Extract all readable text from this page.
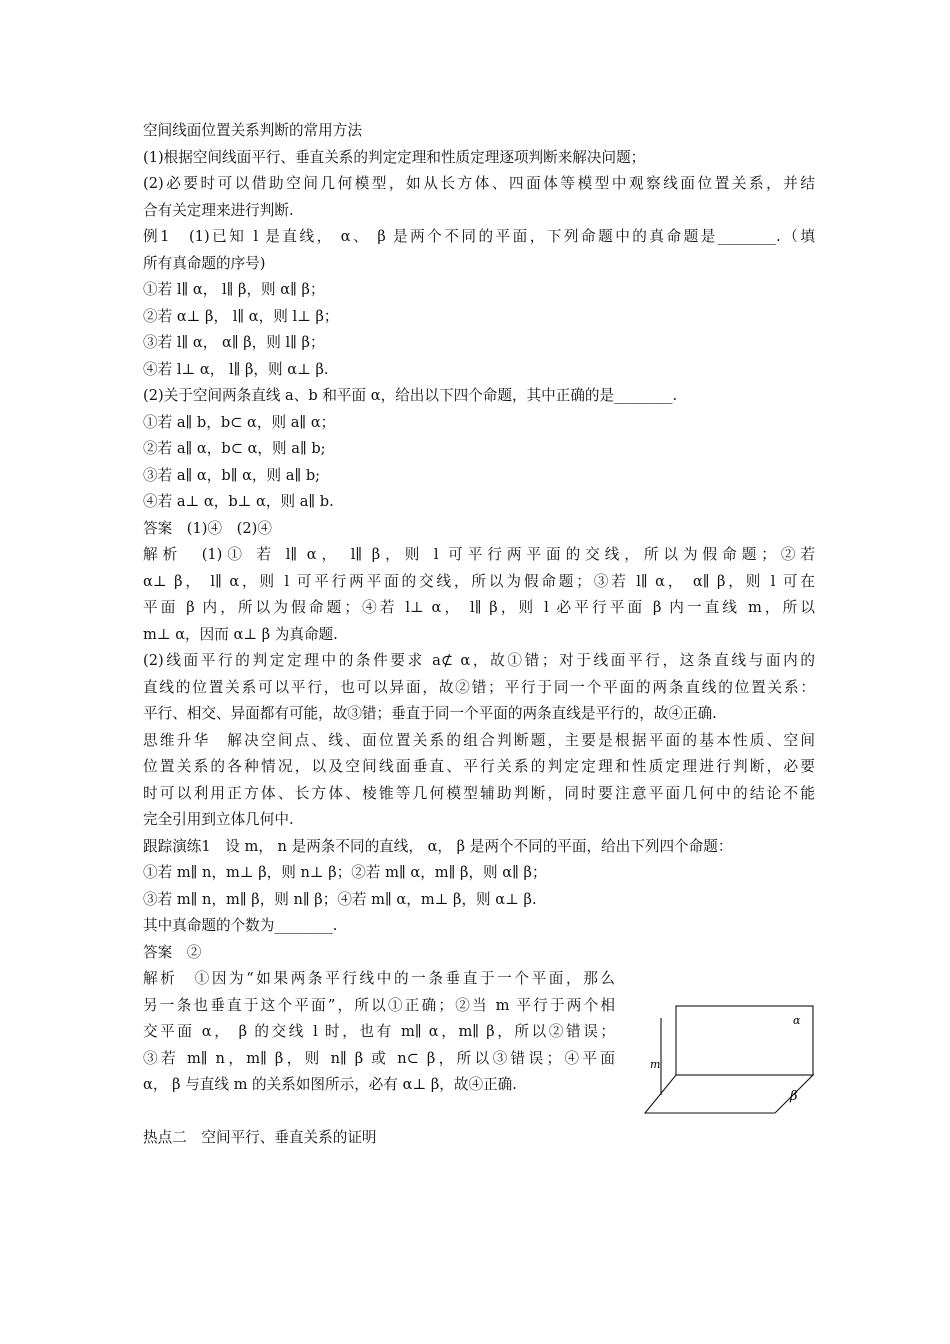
空间线面位置关系判断的常用方法
(1)根据空间线面平行、垂直关系的判定定理和性质定理逐项判断来解决问题；
(2)必要时可以借助空间几何模型，如从长方体、四面体等模型中观察线面位置关系，并结
合有关定理来进行判断.
例1　(1)已知 l 是直线， α、 β 是两个不同的平面，下列命题中的真命题是________.（填
所有真命题的序号)
①若 l∥ α， l∥ β，则 α∥ β；
②若 α⊥ β， l∥ α，则 l⊥ β；
③若 l∥ α， α∥ β，则 l∥ β；
④若 l⊥ α， l∥ β，则 α⊥ β.
(2)关于空间两条直线 a、b 和平面 α，给出以下四个命题，其中正确的是________.
①若 a∥ b，b⊂ α，则 a∥ α；
②若 a∥ α，b⊂ α，则 a∥ b;
③若 a∥ α，b∥ α，则 a∥ b;
④若 a⊥ α，b⊥ α，则 a∥ b.
答案　(1)④　(2)④
解析　(1)① 若 l∥ α， l∥ β，则 l 可平行两平面的交线，所以为假命题；②若
α⊥ β， l∥ α，则 l 可平行两平面的交线，所以为假命题；③若 l∥ α， α∥ β，则 l 可在
平面 β 内，所以为假命题；④若 l⊥ α， l∥ β，则 l 必平行平面 β 内一直线 m，所以
m⊥ α，因而 α⊥ β 为真命题.
(2)线面平行的判定定理中的条件要求 a⊄ α，故①错；对于线面平行，这条直线与面内的
直线的位置关系可以平行，也可以异面，故②错；平行于同一个平面的两条直线的位置关系：
平行、相交、异面都有可能，故③错；垂直于同一个平面的两条直线是平行的，故④正确.
思维升华　解决空间点、线、面位置关系的组合判断题，主要是根据平面的基本性质、空间
位置关系的各种情况，以及空间线面垂直、平行关系的判定定理和性质定理进行判断，必要
时可以利用正方体、长方体、棱锥等几何模型辅助判断，同时要注意平面几何中的结论不能
完全引用到立体几何中.
跟踪演练1　设 m， n 是两条不同的直线， α， β 是两个不同的平面，给出下列四个命题：
①若 m∥ n，m⊥ β，则 n⊥ β；②若 m∥ α，m∥ β，则 α∥ β；
③若 m∥ n，m∥ β，则 n∥ β；④若 m∥ α，m⊥ β，则 α⊥ β.
其中真命题的个数为________.
答案　②
解析　①因为“如果两条平行线中的一条垂直于一个平面，那么
另一条也垂直于这个平面”，所以①正确；②当 m 平行于两个相
交平面 α， β 的交线 l 时，也有 m∥ α，m∥ β，所以②错误；
③若 m∥ n，m∥ β，则 n∥ β 或 n⊂ β，所以③错误；④平面
α， β 与直线 m 的关系如图所示，必有 α⊥ β，故④正确.
热点二　空间平行、垂直关系的证明
α
β
m
